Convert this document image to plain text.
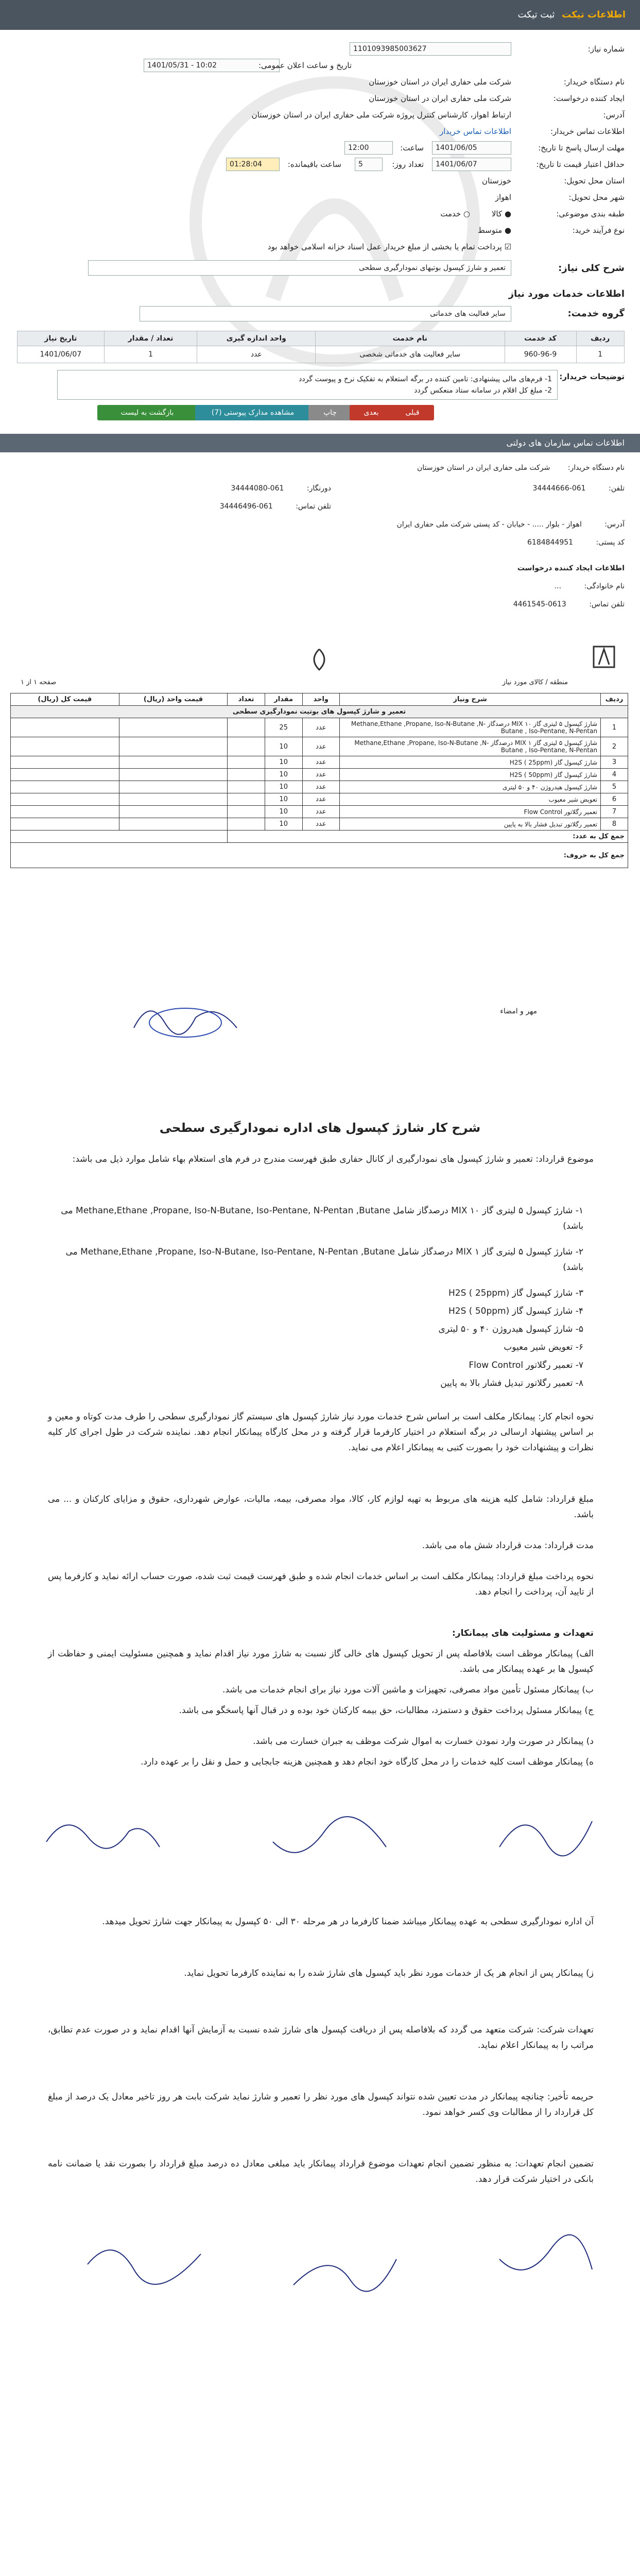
اطلاعات تیکت ثبت تیکت
شماره نیاز:
1101093985003627
1401/05/31 - 10:02	تاریخ و ساعت اعلان عمومی:
نام دستگاه خریدار:
شرکت ملی حفاری ایران در استان خوزستان
ایجاد کننده درخواست:
شرکت ملی حفاری ایران در استان خوزستان
آدرس:
ارتباط اهواز، کارشناس کنترل پروژه شرکت ملی حفاری ایران در استان خوزستان
اطلاعات تماس خریدار:
اطلاعات تماس خریدار
مهلت ارسال پاسخ تا تاریخ:
1401/06/05
ساعت:
12:00
حداقل اعتبار قیمت تا تاریخ:
1401/06/07
تعداد روز:
5
ساعت باقیمانده:
01:28:04
استان محل تحویل:
خوزستان
شهر محل تحویل:
اهواز
طبقه بندی موضوعی:
● کالا
○ خدمت
نوع فرآیند خرید:
● متوسط
☑ پرداخت تمام یا بخشی از مبلغ خریدار عمل اسناد خزانه اسلامی خواهد بود
شرح کلی نیاز:
تعمیر و شارژ کپسول بوتیهای نمودارگیری سطحی
اطلاعات خدمات مورد نیاز
گروه خدمت:
سایر فعالیت های خدماتی
ردیف	کد خدمت	نام خدمت	واحد اندازه گیری	تعداد / مقدار	تاریخ نیاز
1	960-96-9	سایر فعالیت های خدماتی شخصی	عدد	1	1401/06/07
توضیحات خریدار:
1- فرم‌های مالی پیشنهادی: تامین کننده در برگه استعلام به تفکیک نرخ و پیوست گردد
2- مبلغ کل اقلام در سامانه ستاد منعکس گردد
بازگشت به لیست	مشاهده مدارک پیوستی (7)	چاپ	بعدی	قبلی
اطلاعات تماس سازمان های دولتی
نام دستگاه خریدار: شرکت ملی حفاری ایران در استان خوزستان
تلفن: 061-34444666
دورنگار: 061-34444080
تلفن تماس: 061-34446496
آدرس: اهواز - بلوار ..... - خیابان - کد پستی شرکت ملی حفاری ایران
کد پستی: 6184844951
اطلاعات ایجاد کننده درخواست
نام خانوادگی: ...
تلفن تماس: 0613-4461545
منطقه / کالای مورد نیاز
صفحه ۱ از ۱
ردیف	شرح ونیاز	واحد	مقدار	تعداد	قیمت واحد (ریال)	قیمت کل (ریال)
تعمیر و شارژ کپسول های بوتیت نمودارگیری سطحی						
1	شارژ کپسول ۵ لیتری گاز MIX ۱۰ درصدگاز Methane,Ethane ,Propane, Iso-N-Butane ,N-Butane , Iso-Pentane, N-Pentan	عدد	25			
2	شارژ کپسول ۵ لیتری گاز MIX ۱ درصدگاز Methane,Ethane ,Propane, Iso-N-Butane ,N-Butane , Iso-Pentane, N-Pentan	عدد	10			
3	شارژ کپسول گاز H2S ( 25ppm)	عدد	10			
4	شارژ کپسول گاز H2S ( 50ppm)	عدد	10			
5	شارژ کپسول هیدروژن ۴۰ و ۵۰ لیتری	عدد	10			
6	تعویض شیر معیوب	عدد	10			
7	تعمیر رگلاتور Flow Control	عدد	10			
8	تعمیر رگلاتور تبدیل فشار بالا به پایین	عدد	10			
جمع کل به عدد:						
جمع کل به حروف:						
مهر و امضاء
شرح کار شارژ کپسول های اداره نمودارگیری سطحی
موضوع قرارداد: تعمیر و شارژ کپسول های نمودارگیری از کانال حفاری طبق فهرست مندرج در فرم های استعلام بهاء شامل موارد ذیل می باشد:
۱- شارژ کپسول ۵ لیتری گاز MIX ۱۰ درصدگاز شامل Methane,Ethane ,Propane, Iso-N-Butane, Iso-Pentane, N-Pentan ,Butane می باشد)
۲- شارژ کپسول ۵ لیتری گاز MIX ۱ درصدگاز شامل Methane,Ethane ,Propane, Iso-N-Butane, Iso-Pentane, N-Pentan ,Butane می باشد)
۳- شارژ کپسول گاز H2S ( 25ppm)
۴- شارژ کپسول گاز H2S ( 50ppm)
۵- شارژ کپسول هیدروژن ۴۰ و ۵۰ لیتری
۶- تعویض شیر معیوب
۷- تعمیر رگلاتور Flow Control
۸- تعمیر رگلاتور تبدیل فشار بالا به پایین
نحوه انجام کار: پیمانکار مکلف است بر اساس شرح خدمات مورد نیاز شارژ کپسول های سیستم گاز نمودارگیری سطحی را طرف مدت کوتاه و معین و بر اساس پیشنهاد ارسالی در برگه استعلام در اختیار کارفرما قرار گرفته و در محل کارگاه پیمانکار انجام دهد. نماینده شرکت در طول اجرای کار کلیه نظرات و پیشنهادات خود را بصورت کتبی به پیمانکار اعلام می نماید.
مبلغ قرارداد: شامل کلیه هزینه های مربوط به تهیه لوازم کار، کالا، مواد مصرفی، بیمه، مالیات، عوارض شهرداری، حقوق و مزایای کارکنان و ... می باشد.
مدت قرارداد: مدت قرارداد شش ماه می باشد.
نحوه پرداخت مبلغ قرارداد: پیمانکار مکلف است بر اساس خدمات انجام شده و طبق فهرست قیمت ثبت شده، صورت حساب ارائه نماید و کارفرما پس از تایید آن، پرداخت را انجام دهد.
تعهدات و مسئولیت های پیمانکار:
الف) پیمانکار موظف است بلافاصله پس از تحویل کپسول های خالی گاز نسبت به شارژ مورد نیاز اقدام نماید و همچنین مسئولیت ایمنی و حفاظت از کپسول ها بر عهده پیمانکار می باشد.
ب) پیمانکار مسئول تأمین مواد مصرفی، تجهیزات و ماشین آلات مورد نیاز برای انجام خدمات می باشد.
ج) پیمانکار مسئول پرداخت حقوق و دستمزد، مطالبات، حق بیمه کارکنان خود بوده و در قبال آنها پاسخگو می باشد.
د) پیمانکار در صورت وارد نمودن خسارت به اموال شرکت موظف به جبران خسارت می باشد.
ه) پیمانکار موظف است کلیه خدمات را در محل کارگاه خود انجام دهد و همچنین هزینه جابجایی و حمل و نقل را بر عهده دارد.
آن اداره نمودارگیری سطحی به عهده پیمانکار میباشد ضمنا کارفرما در هر مرحله ۳۰ الی ۵۰ کپسول به پیمانکار جهت شارژ تحویل میدهد.
ز) پیمانکار پس از انجام هر یک از خدمات مورد نظر باید کپسول های شارژ شده را به نماینده کارفرما تحویل نماید.
تعهدات شرکت: شرکت متعهد می گردد که بلافاصله پس از دریافت کپسول های شارژ شده نسبت به آزمایش آنها اقدام نماید و در صورت عدم تطابق، مراتب را به پیمانکار اعلام نماید.
حریمه تأخیر: چنانچه پیمانکار در مدت تعیین شده نتواند کپسول های مورد نظر را تعمیر و شارژ نماید شرکت بابت هر روز تاخیر معادل یک درصد از مبلغ کل قرارداد را از مطالبات وی کسر خواهد نمود.
تضمین انجام تعهدات: به منظور تضمین انجام تعهدات موضوع قرارداد پیمانکار باید مبلغی معادل ده درصد مبلغ قرارداد را بصورت نقد یا ضمانت نامه بانکی در اختیار شرکت قرار دهد.
